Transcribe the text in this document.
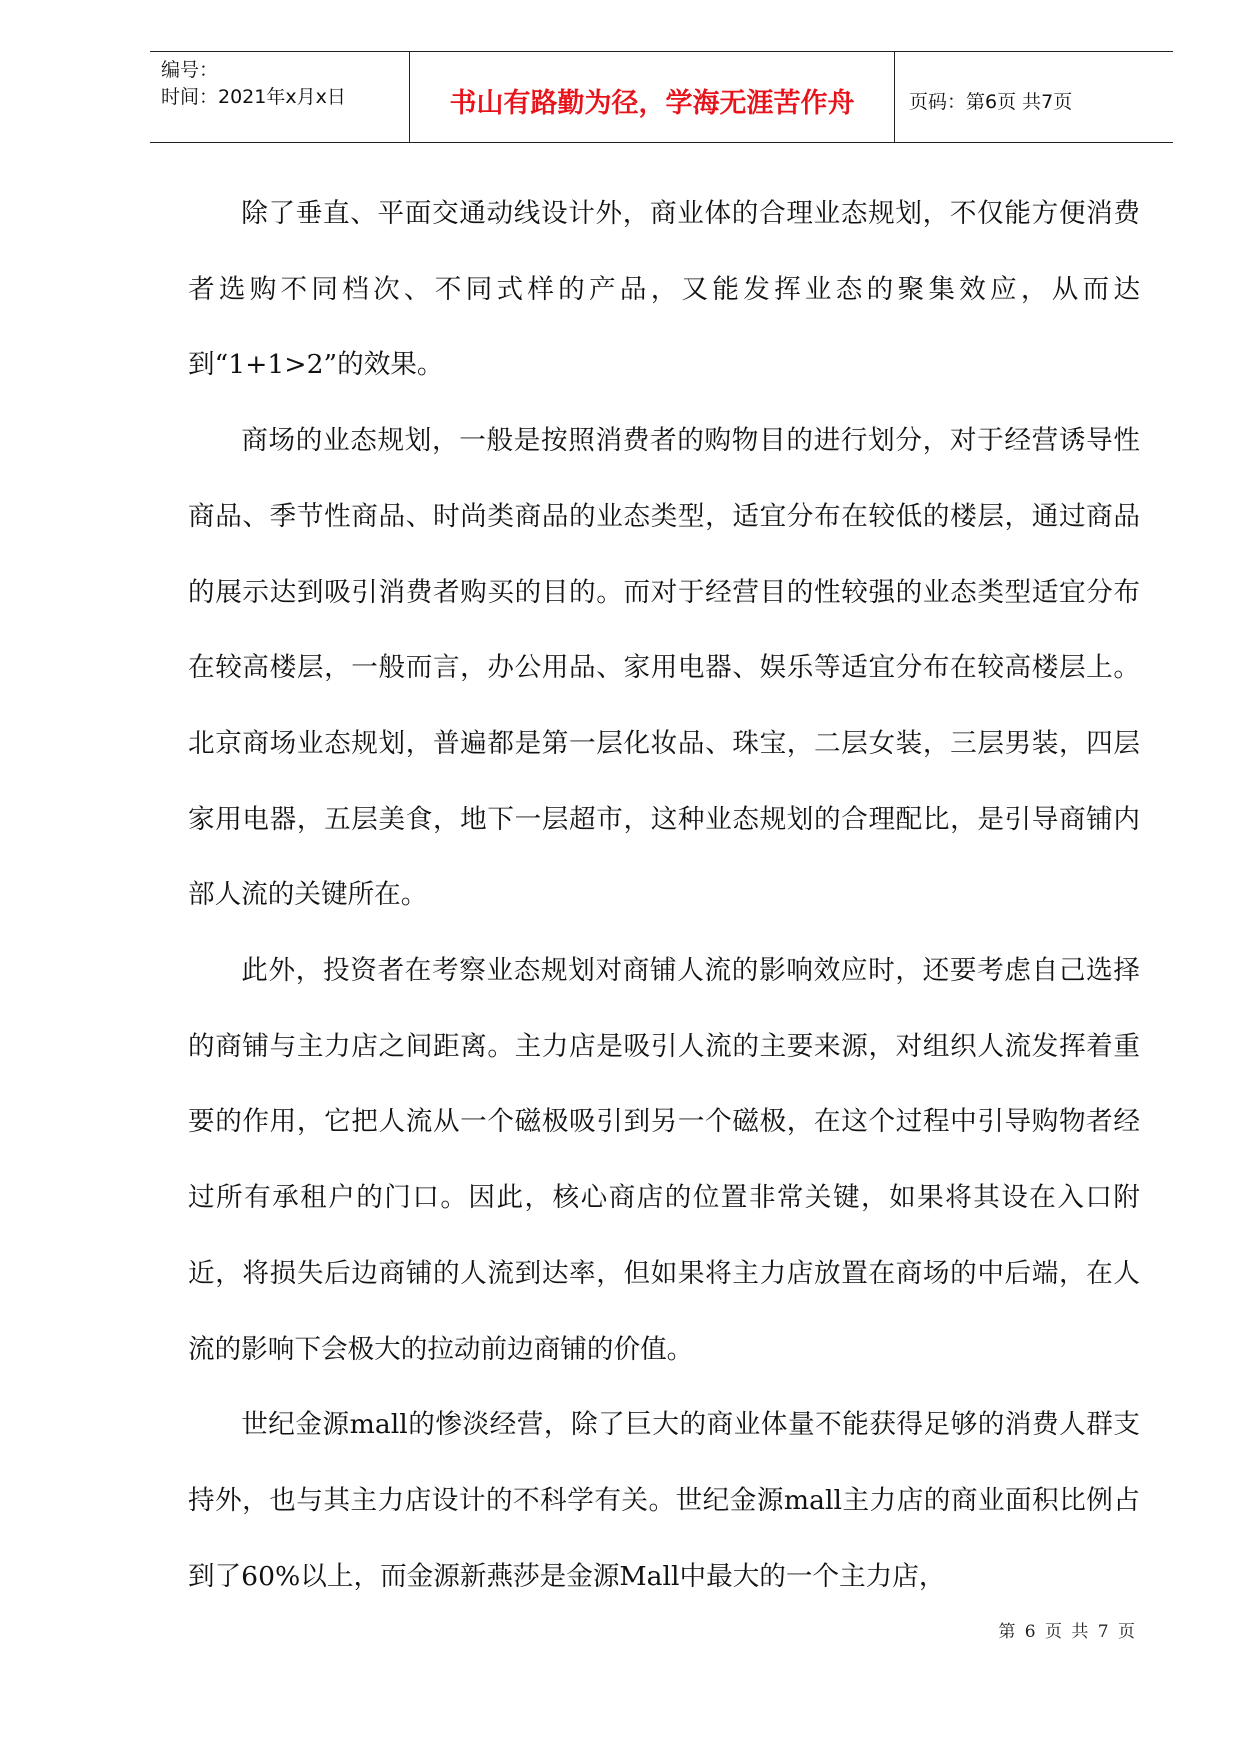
编号：
时间：2021年x月x日	书山有路勤为径，学海无涯苦作舟	页码：第6页 共7页

除了垂直、平面交通动线设计外，商业体的合理业态规划，不仅能方便消费者选购不同档次、不同式样的产品，又能发挥业态的聚集效应，从而达到“1+1>2”的效果。

商场的业态规划，一般是按照消费者的购物目的进行划分，对于经营诱导性商品、季节性商品、时尚类商品的业态类型，适宜分布在较低的楼层，通过商品的展示达到吸引消费者购买的目的。而对于经营目的性较强的业态类型适宜分布在较高楼层，一般而言，办公用品、家用电器、娱乐等适宜分布在较高楼层上。北京商场业态规划，普遍都是第一层化妆品、珠宝，二层女装，三层男装，四层家用电器，五层美食，地下一层超市，这种业态规划的合理配比，是引导商铺内部人流的关键所在。

此外，投资者在考察业态规划对商铺人流的影响效应时，还要考虑自己选择的商铺与主力店之间距离。主力店是吸引人流的主要来源，对组织人流发挥着重要的作用，它把人流从一个磁极吸引到另一个磁极，在这个过程中引导购物者经过所有承租户的门口。因此，核心商店的位置非常关键，如果将其设在入口附近，将损失后边商铺的人流到达率，但如果将主力店放置在商场的中后端，在人流的影响下会极大的拉动前边商铺的价值。

世纪金源mall的惨淡经营，除了巨大的商业体量不能获得足够的消费人群支持外，也与其主力店设计的不科学有关。世纪金源mall主力店的商业面积比例占到了60%以上，而金源新燕莎是金源Mall中最大的一个主力店，

第 6 页 共 7 页
